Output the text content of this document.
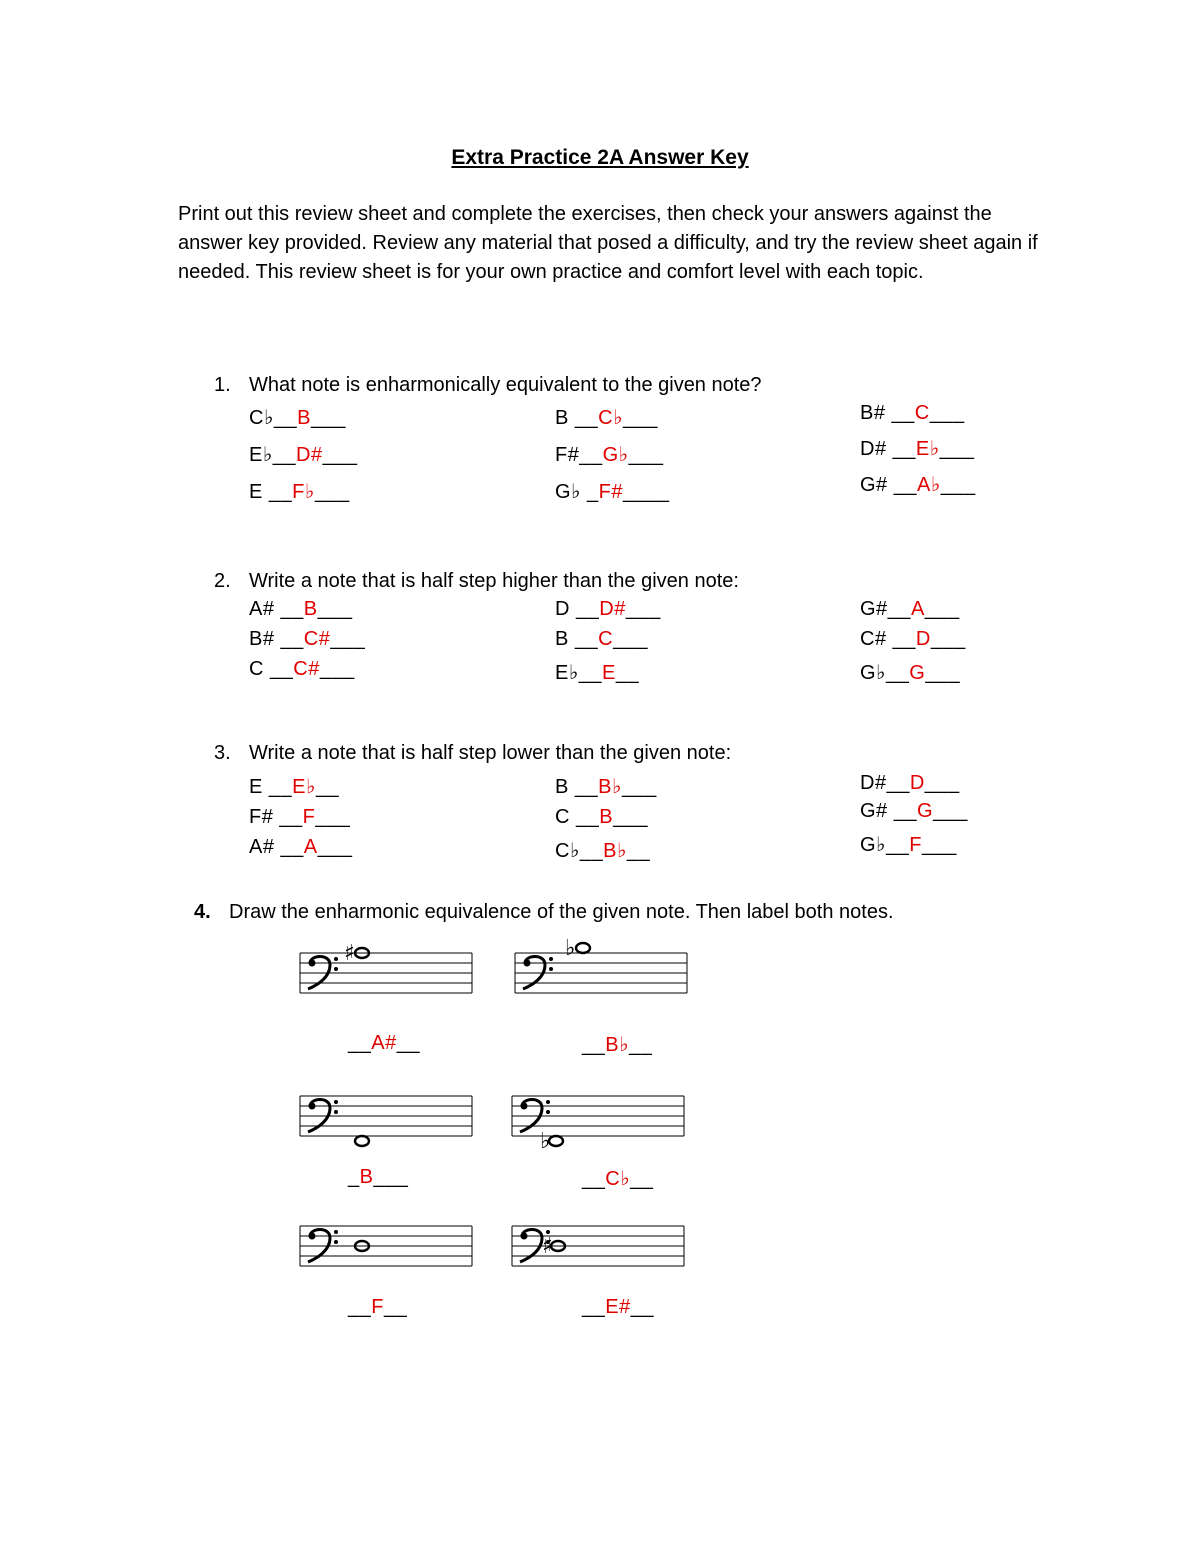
Extra Practice 2A Answer Key
Print out this review sheet and complete the exercises, then check your answers against the answer key provided. Review any material that posed a difficulty, and try the review sheet again if needed. This review sheet is for your own practice and comfort level with each topic.
1. What note is enharmonically equivalent to the given note?
C♭__B___	B __C♭___	B# __C___
E♭__D#___	F#__G♭___	D# __E♭___
E __F♭___	G♭ _F#____	G# __A♭___
A# __B___	D __D#___	G#__A___
B# __C#___	B __C___	C# __D___
C __C#___	E♭__E__	G♭__G___
E __E♭__	B __B♭___	D#__D___
F# __F___	C __B___	G# __G___
A# __A___	C♭__B♭__	G♭__F___
2. Write a note that is half step higher than the given note:
3. Write a note that is half step lower than the given note:
4. Draw the enharmonic equivalence of the given note. Then label both notes.
♯	♭
♭
♯
__A#__	__B♭__
_B___	__C♭__
__F__	__E#__
